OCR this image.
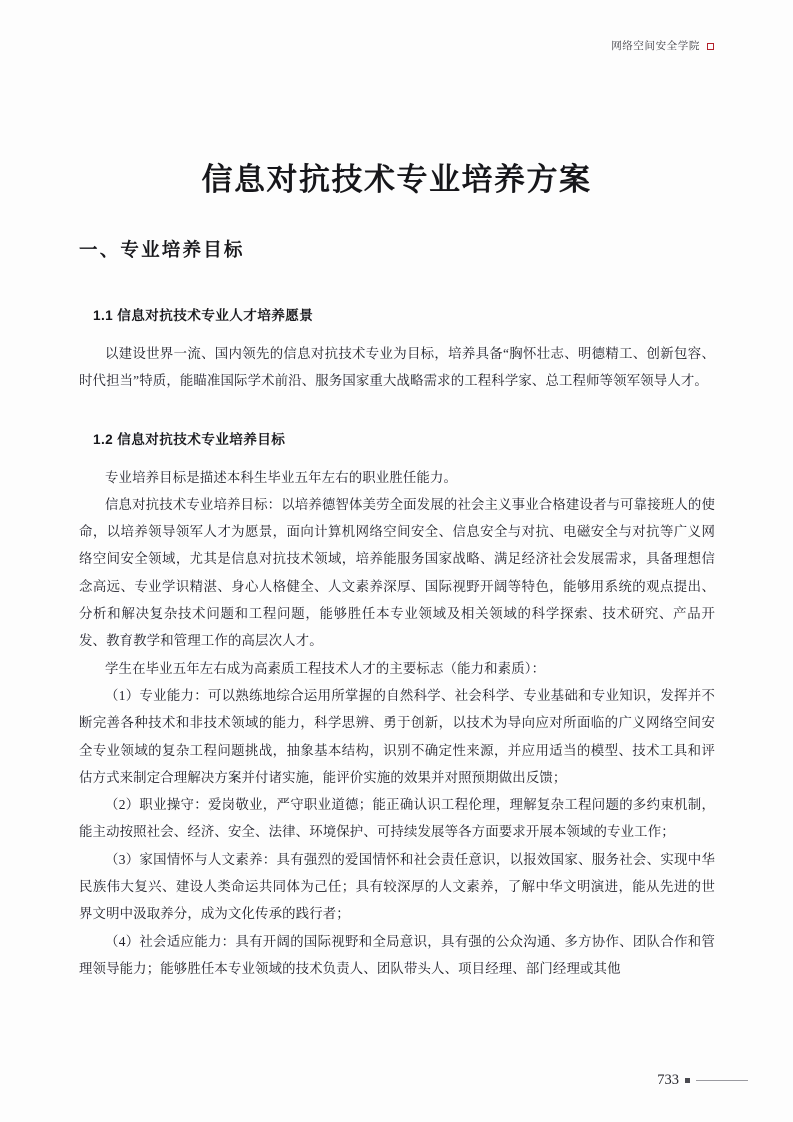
网络空间安全学院
信息对抗技术专业培养方案
一、专业培养目标
1.1 信息对抗技术专业人才培养愿景

以建设世界一流、国内领先的信息对抗技术专业为目标，培养具备“胸怀壮志、明德精工、创新包容、时代担当”特质，能瞄准国际学术前沿、服务国家重大战略需求的工程科学家、总工程师等领军领导人才。

1.2 信息对抗技术专业培养目标

专业培养目标是描述本科生毕业五年左右的职业胜任能力。

信息对抗技术专业培养目标：以培养德智体美劳全面发展的社会主义事业合格建设者与可靠接班人的使命，以培养领导领军人才为愿景，面向计算机网络空间安全、信息安全与对抗、电磁安全与对抗等广义网络空间安全领域，尤其是信息对抗技术领域，培养能服务国家战略、满足经济社会发展需求，具备理想信念高远、专业学识精湛、身心人格健全、人文素养深厚、国际视野开阔等特色，能够用系统的观点提出、分析和解决复杂技术问题和工程问题，能够胜任本专业领域及相关领域的科学探索、技术研究、产品开发、教育教学和管理工作的高层次人才。

学生在毕业五年左右成为高素质工程技术人才的主要标志（能力和素质）：

（1）专业能力：可以熟练地综合运用所掌握的自然科学、社会科学、专业基础和专业知识，发挥并不断完善各种技术和非技术领域的能力，科学思辨、勇于创新，以技术为导向应对所面临的广义网络空间安全专业领域的复杂工程问题挑战，抽象基本结构，识别不确定性来源，并应用适当的模型、技术工具和评估方式来制定合理解决方案并付诸实施，能评价实施的效果并对照预期做出反馈；

（2）职业操守：爱岗敬业，严守职业道德；能正确认识工程伦理，理解复杂工程问题的多约束机制，能主动按照社会、经济、安全、法律、环境保护、可持续发展等各方面要求开展本领域的专业工作；

（3）家国情怀与人文素养：具有强烈的爱国情怀和社会责任意识，以报效国家、服务社会、实现中华民族伟大复兴、建设人类命运共同体为己任；具有较深厚的人文素养，了解中华文明演进，能从先进的世界文明中汲取养分，成为文化传承的践行者；

（4）社会适应能力：具有开阔的国际视野和全局意识，具有强的公众沟通、多方协作、团队合作和管理领导能力；能够胜任本专业领域的技术负责人、团队带头人、项目经理、部门经理或其他

733
